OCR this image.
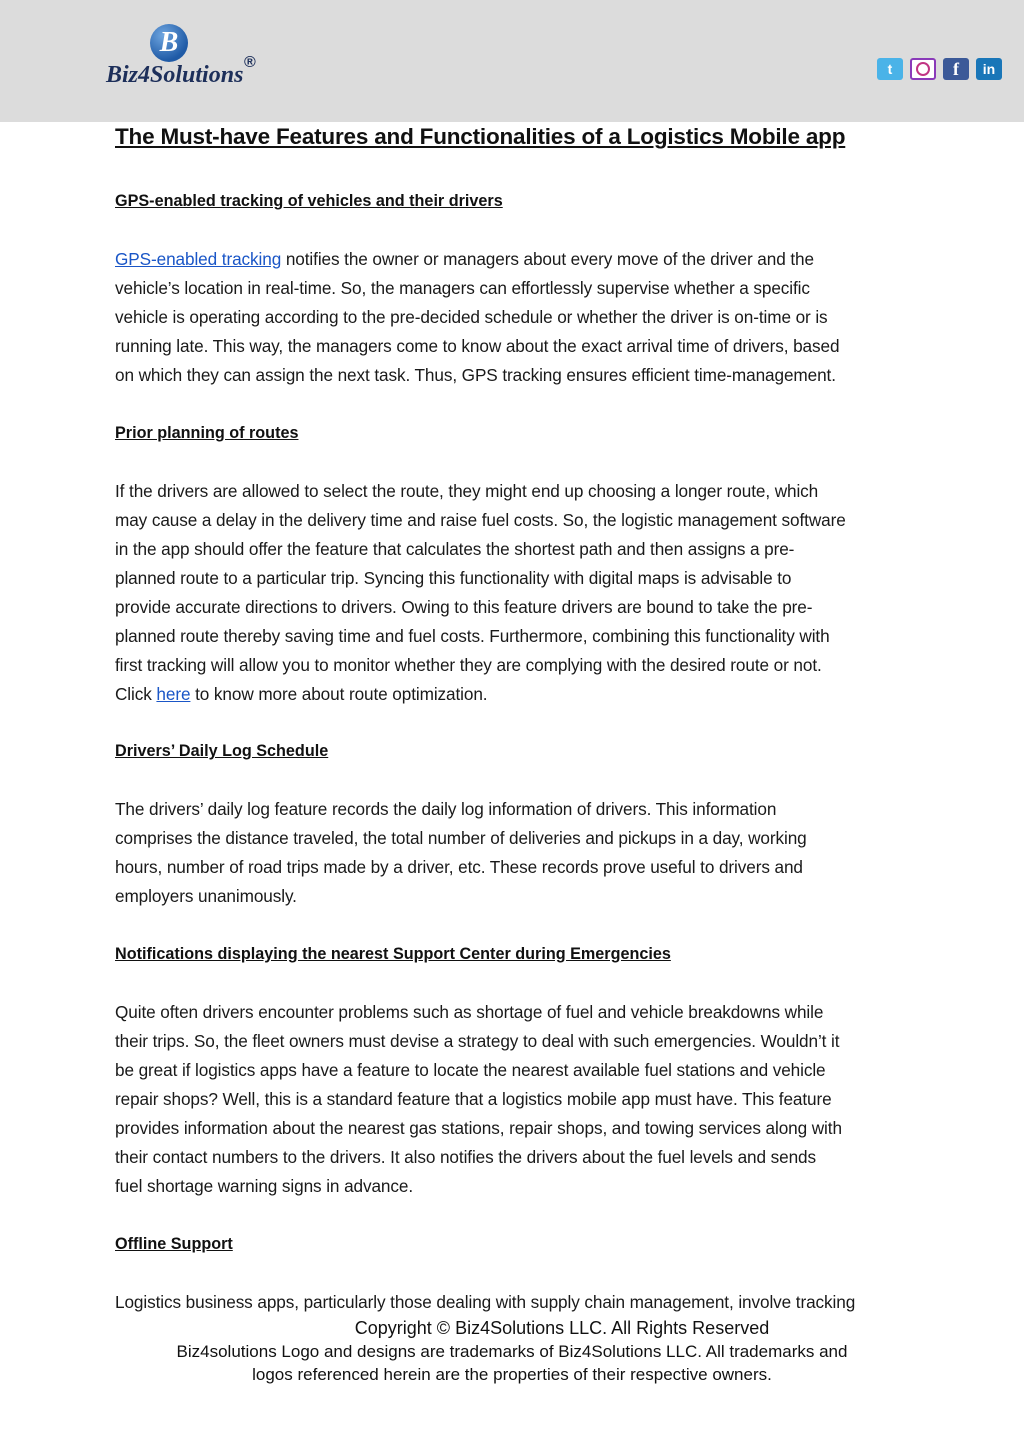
B
Biz4Solutions ®	t	f	in
The Must-have Features and Functionalities of a Logistics Mobile app
GPS-enabled tracking of vehicles and their drivers

GPS-enabled tracking notifies the owner or managers about every move of the driver and the
vehicle’s location in real-time. So, the managers can effortlessly supervise whether a specific
vehicle is operating according to the pre-decided schedule or whether the driver is on-time or is
running late. This way, the managers come to know about the exact arrival time of drivers, based
on which they can assign the next task. Thus, GPS tracking ensures efficient time-management.

Prior planning of routes

If the drivers are allowed to select the route, they might end up choosing a longer route, which
may cause a delay in the delivery time and raise fuel costs. So, the logistic management software
in the app should offer the feature that calculates the shortest path and then assigns a pre-
planned route to a particular trip. Syncing this functionality with digital maps is advisable to
provide accurate directions to drivers. Owing to this feature drivers are bound to take the pre-
planned route thereby saving time and fuel costs. Furthermore, combining this functionality with
first tracking will allow you to monitor whether they are complying with the desired route or not.
Click here to know more about route optimization.

Drivers’ Daily Log Schedule

The drivers’ daily log feature records the daily log information of drivers. This information
comprises the distance traveled, the total number of deliveries and pickups in a day, working
hours, number of road trips made by a driver, etc. These records prove useful to drivers and
employers unanimously.

Notifications displaying the nearest Support Center during Emergencies

Quite often drivers encounter problems such as shortage of fuel and vehicle breakdowns while
their trips. So, the fleet owners must devise a strategy to deal with such emergencies. Wouldn’t it
be great if logistics apps have a feature to locate the nearest available fuel stations and vehicle
repair shops? Well, this is a standard feature that a logistics mobile app must have. This feature
provides information about the nearest gas stations, repair shops, and towing services along with
their contact numbers to the drivers. It also notifies the drivers about the fuel levels and sends
fuel shortage warning signs in advance.

Offline Support

Logistics business apps, particularly those dealing with supply chain management, involve tracking

Copyright © Biz4Solutions LLC. All Rights Reserved

Biz4solutions Logo and designs are trademarks of Biz4Solutions LLC. All trademarks and

logos referenced herein are the properties of their respective owners.
